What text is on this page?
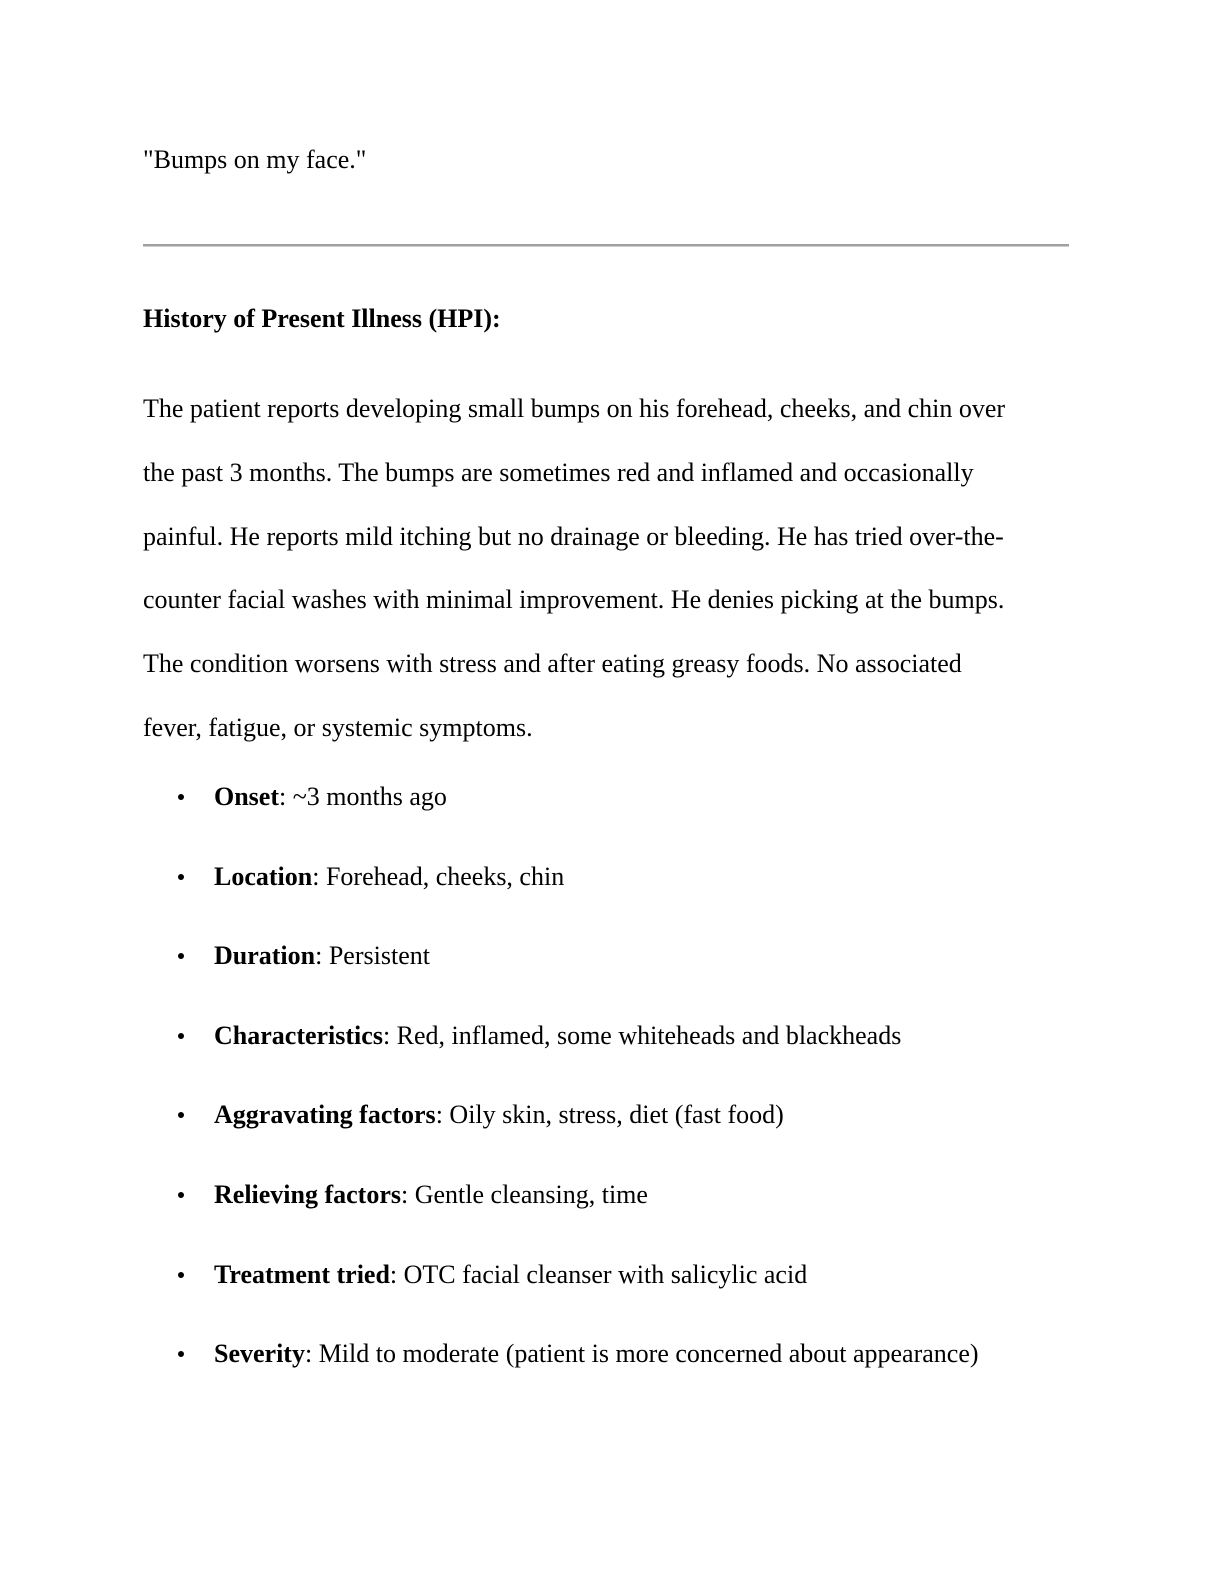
"Bumps on my face."

History of Present Illness (HPI):

The patient reports developing small bumps on his forehead, cheeks, and chin over
the past 3 months. The bumps are sometimes red and inflamed and occasionally
painful. He reports mild itching but no drainage or bleeding. He has tried over-the-
counter facial washes with minimal improvement. He denies picking at the bumps.
The condition worsens with stress and after eating greasy foods. No associated
fever, fatigue, or systemic symptoms.

Onset: ~3 months ago
Location: Forehead, cheeks, chin
Duration: Persistent
Characteristics: Red, inflamed, some whiteheads and blackheads
Aggravating factors: Oily skin, stress, diet (fast food)
Relieving factors: Gentle cleansing, time
Treatment tried: OTC facial cleanser with salicylic acid
Severity: Mild to moderate (patient is more concerned about appearance)
